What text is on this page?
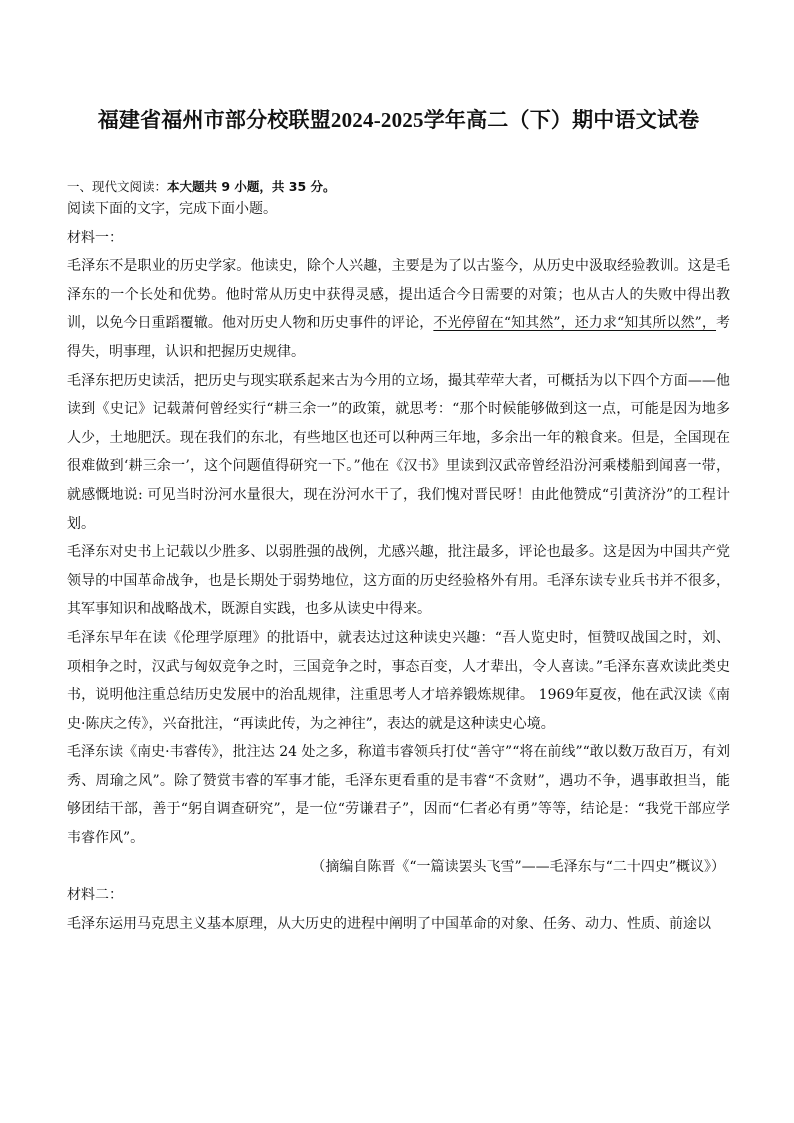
福建省福州市部分校联盟2024-2025学年高二（下）期中语文试卷
一、现代文阅读：本大题共 9 小题，共 35 分。

阅读下面的文字，完成下面小题。

材料一：

毛泽东不是职业的历史学家。他读史，除个人兴趣，主要是为了以古鉴今，从历史中汲取经验教训。这是毛泽东的一个长处和优势。他时常从历史中获得灵感，提出适合今日需要的对策；也从古人的失败中得出教训，以免今日重蹈覆辙。他对历史人物和历史事件的评论，不光停留在“知其然”，还力求“知其所以然”，考得失，明事理，认识和把握历史规律。

毛泽东把历史读活，把历史与现实联系起来古为今用的立场，撮其荦荦大者，可概括为以下四个方面——他读到《史记》记载萧何曾经实行“耕三余一”的政策，就思考：“那个时候能够做到这一点，可能是因为地多人少，土地肥沃。现在我们的东北，有些地区也还可以种两三年地，多余出一年的粮食来。但是，全国现在很难做到‘耕三余一’，这个问题值得研究一下。”他在《汉书》里读到汉武帝曾经沿汾河乘楼船到闻喜一带，就感慨地说: 可见当时汾河水量很大，现在汾河水干了，我们愧对晋民呀！由此他赞成“引黄济汾”的工程计划。

毛泽东对史书上记载以少胜多、以弱胜强的战例，尤感兴趣，批注最多，评论也最多。这是因为中国共产党领导的中国革命战争，也是长期处于弱势地位，这方面的历史经验格外有用。毛泽东读专业兵书并不很多，其军事知识和战略战术，既源自实践，也多从读史中得来。

毛泽东早年在读《伦理学原理》的批语中，就表达过这种读史兴趣：“吾人览史时，恒赞叹战国之时，刘、项相争之时，汉武与匈奴竞争之时，三国竞争之时，事态百变，人才辈出，令人喜读。”毛泽东喜欢读此类史书，说明他注重总结历史发展中的治乱规律，注重思考人才培养锻炼规律。 1969年夏夜，他在武汉读《南史·陈庆之传》，兴奋批注，“再读此传，为之神往”，表达的就是这种读史心境。

毛泽东读《南史·韦睿传》，批注达 24 处之多，称道韦睿领兵打仗“善守”“将在前线”“敢以数万敌百万，有刘秀、周瑜之风”。除了赞赏韦睿的军事才能，毛泽东更看重的是韦睿“不贪财”，遇功不争，遇事敢担当，能够团结干部，善于“躬自调查研究”，是一位“劳谦君子”，因而“仁者必有勇”等等，结论是：“我党干部应学韦睿作风”。

（摘编自陈晋《“一篇读罢头飞雪”——毛泽东与“二十四史”概议》）

材料二：

毛泽东运用马克思主义基本原理，从大历史的进程中阐明了中国革命的对象、任务、动力、性质、前途以
